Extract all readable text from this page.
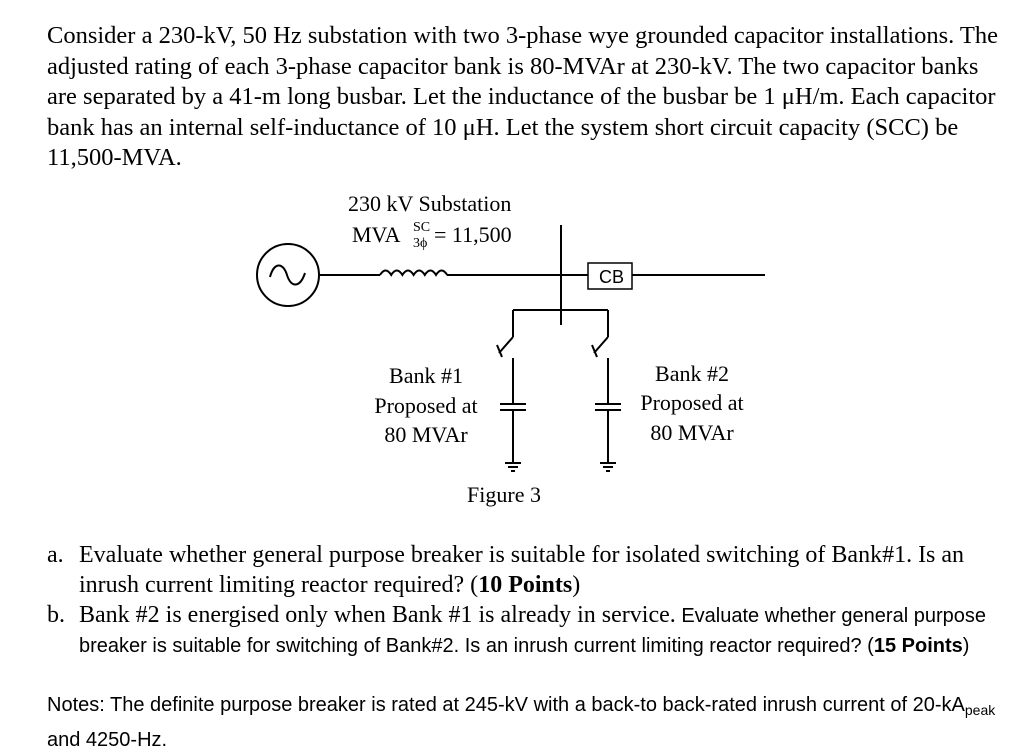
Consider a 230-kV, 50 Hz substation with two 3-phase wye grounded capacitor installations. The adjusted rating of each 3-phase capacitor bank is 80-MVAr at 230-kV. The two capacitor banks are separated by a 41-m long busbar. Let the inductance of the busbar be 1 μH/m. Each capacitor bank has an internal self-inductance of 10 μH. Let the system short circuit capacity (SCC) be 11,500-MVA.

230 kV Substation
MVA SC
3ϕ = 11,500
CB
Bank #1
Proposed at
80 MVAr
Bank #2
Proposed at
80 MVAr
Figure 3
a. Evaluate whether general purpose breaker is suitable for isolated switching of Bank#1. Is an inrush current limiting reactor required? (10 Points)
b. Bank #2 is energised only when Bank #1 is already in service. Evaluate whether general purpose breaker is suitable for switching of Bank#2. Is an inrush current limiting reactor required? (15 Points)

Notes: The definite purpose breaker is rated at 245-kV with a back-to back-rated inrush current of $20-kA_{peak}$ and 4250-Hz.
